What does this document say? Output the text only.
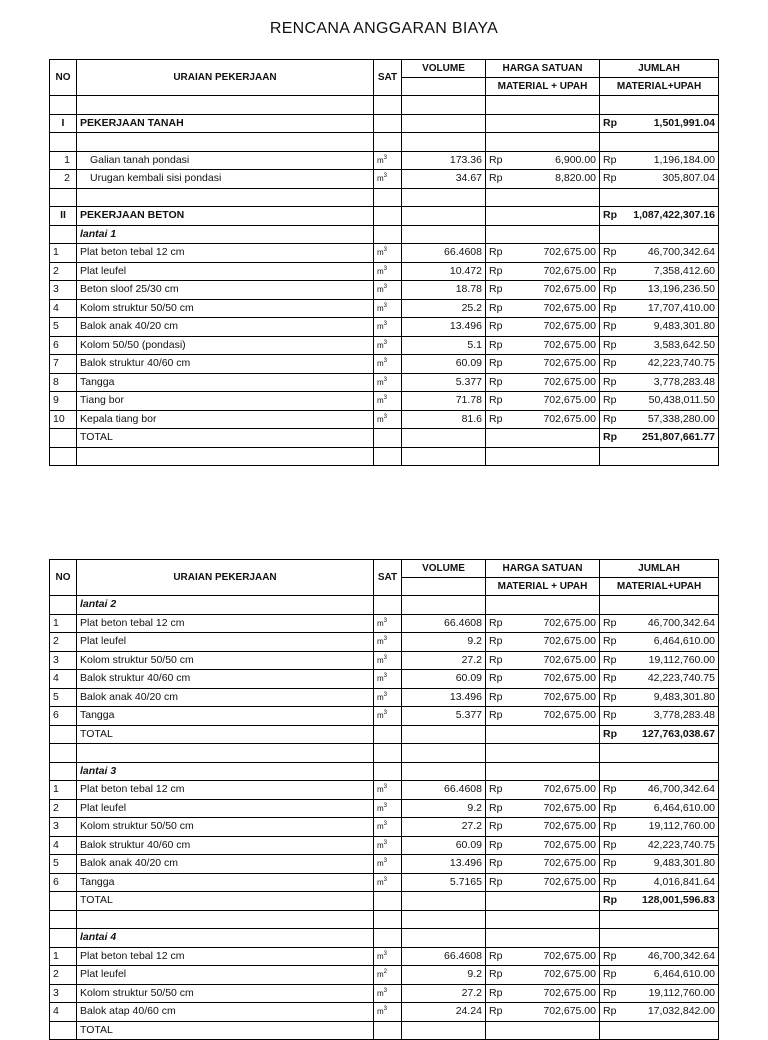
RENCANA ANGGARAN BIAYA
NO	URAIAN PEKERJAAN	SAT	VOLUME	HARGA SATUAN	JUMLAH
				MATERIAL + UPAH	MATERIAL+UPAH

I	PEKERJAAN TANAH				Rp 1,501,991.04

1	Galian tanah pondasi	$m^3$	173.36	Rp 6,900.00	Rp 1,196,184.00

2	Urugan kembali sisi pondasi	$m^3$	34.67	Rp 8,820.00	Rp 305,807.04

II	PEKERJAAN BETON				Rp 1,087,422,307.16

	lantai 1				
1	Plat beton tebal 12 cm	$m^3$	66.4608	Rp 702,675.00	Rp 46,700,342.64

2	Plat leufel	$m^3$	10.472	Rp 702,675.00	Rp 7,358,412.60

3	Beton sloof 25/30 cm	$m^3$	18.78	Rp 702,675.00	Rp 13,196,236.50

4	Kolom struktur 50/50 cm	$m^3$	25.2	Rp 702,675.00	Rp 17,707,410.00

5	Balok anak 40/20 cm	$m^3$	13.496	Rp 702,675.00	Rp 9,483,301.80

6	Kolom 50/50 (pondasi)	$m^3$	5.1	Rp 702,675.00	Rp 3,583,642.50

7	Balok struktur 40/60 cm	$m^3$	60.09	Rp 702,675.00	Rp 42,223,740.75

8	Tangga	$m^3$	5.377	Rp 702,675.00	Rp 3,778,283.48

9	Tiang bor	$m^3$	71.78	Rp 702,675.00	Rp 50,438,011.50

10	Kepala tiang bor	$m^3$	81.6	Rp 702,675.00	Rp 57,338,280.00

	TOTAL				Rp 251,807,661.77

NO	URAIAN PEKERJAAN	SAT	VOLUME	HARGA SATUAN	JUMLAH
				MATERIAL + UPAH	MATERIAL+UPAH
	lantai 2				
1	Plat beton tebal 12 cm	$m^3$	66.4608	Rp 702,675.00	Rp 46,700,342.64

2	Plat leufel	$m^3$	9.2	Rp 702,675.00	Rp 6,464,610.00

3	Kolom struktur 50/50 cm	$m^3$	27.2	Rp 702,675.00	Rp 19,112,760.00

4	Balok struktur 40/60 cm	$m^3$	60.09	Rp 702,675.00	Rp 42,223,740.75

5	Balok anak 40/20 cm	$m^3$	13.496	Rp 702,675.00	Rp 9,483,301.80

6	Tangga	$m^3$	5.377	Rp 702,675.00	Rp 3,778,283.48

	TOTAL				Rp 127,763,038.67

	lantai 3				
1	Plat beton tebal 12 cm	$m^3$	66.4608	Rp 702,675.00	Rp 46,700,342.64

2	Plat leufel	$m^3$	9.2	Rp 702,675.00	Rp 6,464,610.00

3	Kolom struktur 50/50 cm	$m^3$	27.2	Rp 702,675.00	Rp 19,112,760.00

4	Balok struktur 40/60 cm	$m^3$	60.09	Rp 702,675.00	Rp 42,223,740.75

5	Balok anak 40/20 cm	$m^3$	13.496	Rp 702,675.00	Rp 9,483,301.80

6	Tangga	$m^3$	5.7165	Rp 702,675.00	Rp 4,016,841.64

	TOTAL				Rp 128,001,596.83

	lantai 4				
1	Plat beton tebal 12 cm	$m^3$	66.4608	Rp 702,675.00	Rp 46,700,342.64

2	Plat leufel	$m^2$	9.2	Rp 702,675.00	Rp 6,464,610.00

3	Kolom struktur 50/50 cm	$m^3$	27.2	Rp 702,675.00	Rp 19,112,760.00

4	Balok atap 40/60 cm	$m^3$	24.24	Rp 702,675.00	Rp 17,032,842.00

	TOTAL				
